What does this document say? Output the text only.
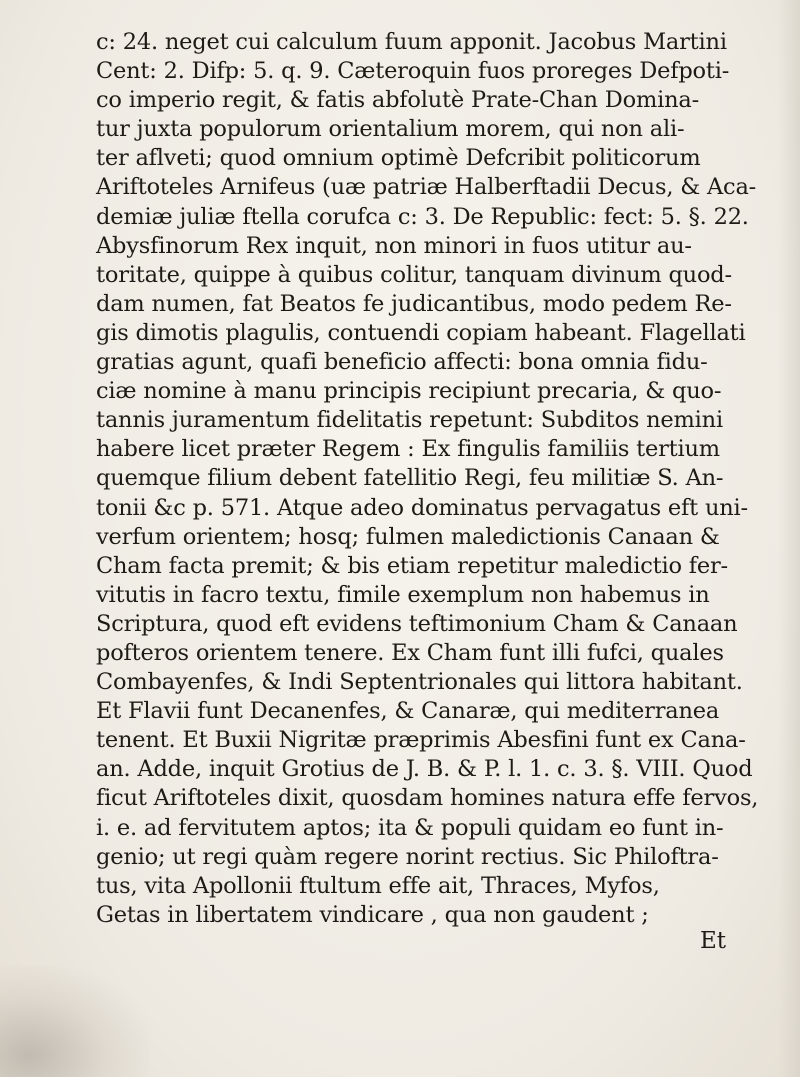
c: 24. neget cui calculum fuum apponit. Jacobus Martini
Cent: 2. Difp: 5. q. 9. Cæteroquin fuos proreges Defpoti-
co imperio regit, & fatis abfolutè Prate-Chan Domina-
tur juxta populorum orientalium morem, qui non ali-
ter aflveti; quod omnium optimè Defcribit politicorum
Ariftoteles Arnifeus (uæ patriæ Halberftadii Decus, & Aca-
demiæ juliæ ftella corufca c: 3. De Republic: fect: 5. §. 22.
Abysfinorum Rex inquit, non minori in fuos utitur au-
toritate, quippe à quibus colitur, tanquam divinum quod-
dam numen, fat Beatos fe judicantibus, modo pedem Re-
gis dimotis plagulis, contuendi copiam habeant. Flagellati
gratias agunt, quafi beneficio affecti: bona omnia fidu-
ciæ nomine à manu principis recipiunt precaria, & quo-
tannis juramentum fidelitatis repetunt: Subditos nemini
habere licet præter Regem : Ex fingulis familiis tertium
quemque filium debent fatellitio Regi, feu militiæ S. An-
tonii &c p. 571. Atque adeo dominatus pervagatus eft uni-
verfum orientem; hosq; fulmen maledictionis Canaan &
Cham facta premit; & bis etiam repetitur maledictio fer-
vitutis in facro textu, fimile exemplum non habemus in
Scriptura, quod eft evidens teftimonium Cham & Canaan
pofteros orientem tenere. Ex Cham funt illi fufci, quales
Combayenfes, & Indi Septentrionales qui littora habitant.
Et Flavii funt Decanenfes, & Canaræ, qui mediterranea
tenent. Et Buxii Nigritæ præprimis Abesfini funt ex Cana-
an. Adde, inquit Grotius de J. B. & P. l. 1. c. 3. §. VIII. Quod
ficut Ariftoteles dixit, quosdam homines natura effe fervos,
i. e. ad fervitutem aptos; ita & populi quidam eo funt in-
genio; ut regi quàm regere norint rectius. Sic Philoftra-
tus, vita Apollonii ftultum effe ait, Thraces, Myfos,
Getas in libertatem vindicare , qua non gaudent ;
Et
